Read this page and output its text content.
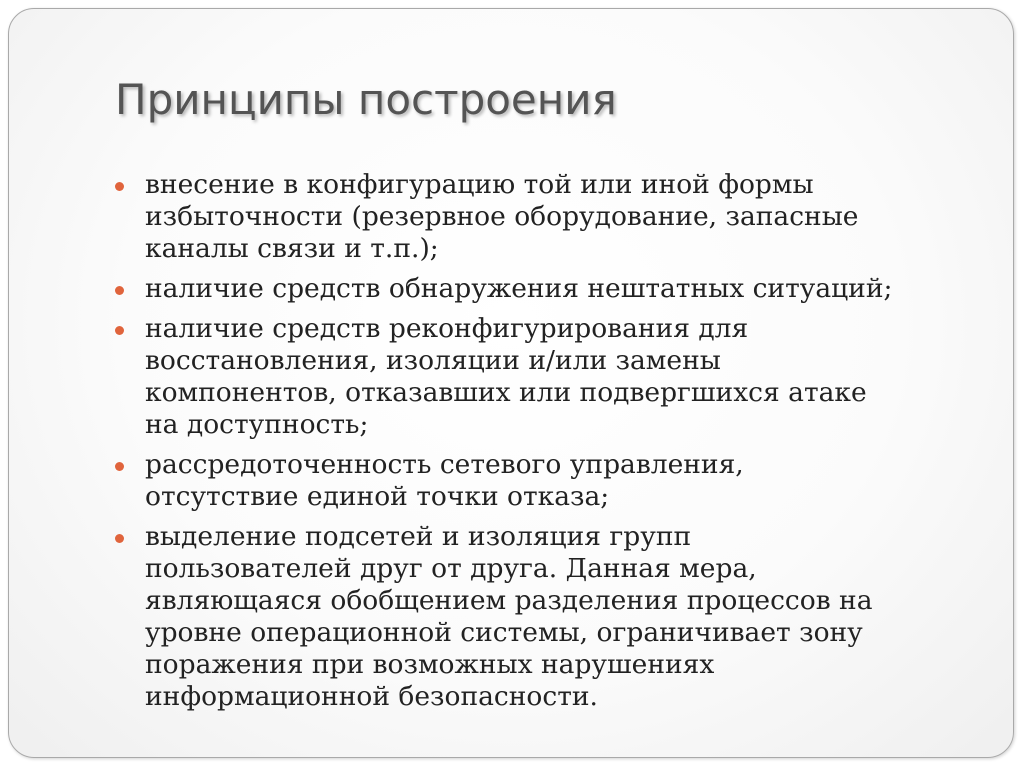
Принципы построения
внесение в конфигурацию той или иной формы
избыточности (резервное оборудование, запасные
каналы связи и т.п.);
наличие средств обнаружения нештатных ситуаций;
наличие средств реконфигурирования для
восстановления, изоляции и/или замены
компонентов, отказавших или подвергшихся атаке
на доступность;
рассредоточенность сетевого управления,
отсутствие единой точки отказа;
выделение подсетей и изоляция групп
пользователей друг от друга. Данная мера,
являющаяся обобщением разделения процессов на
уровне операционной системы, ограничивает зону
поражения при возможных нарушениях
информационной безопасности.
